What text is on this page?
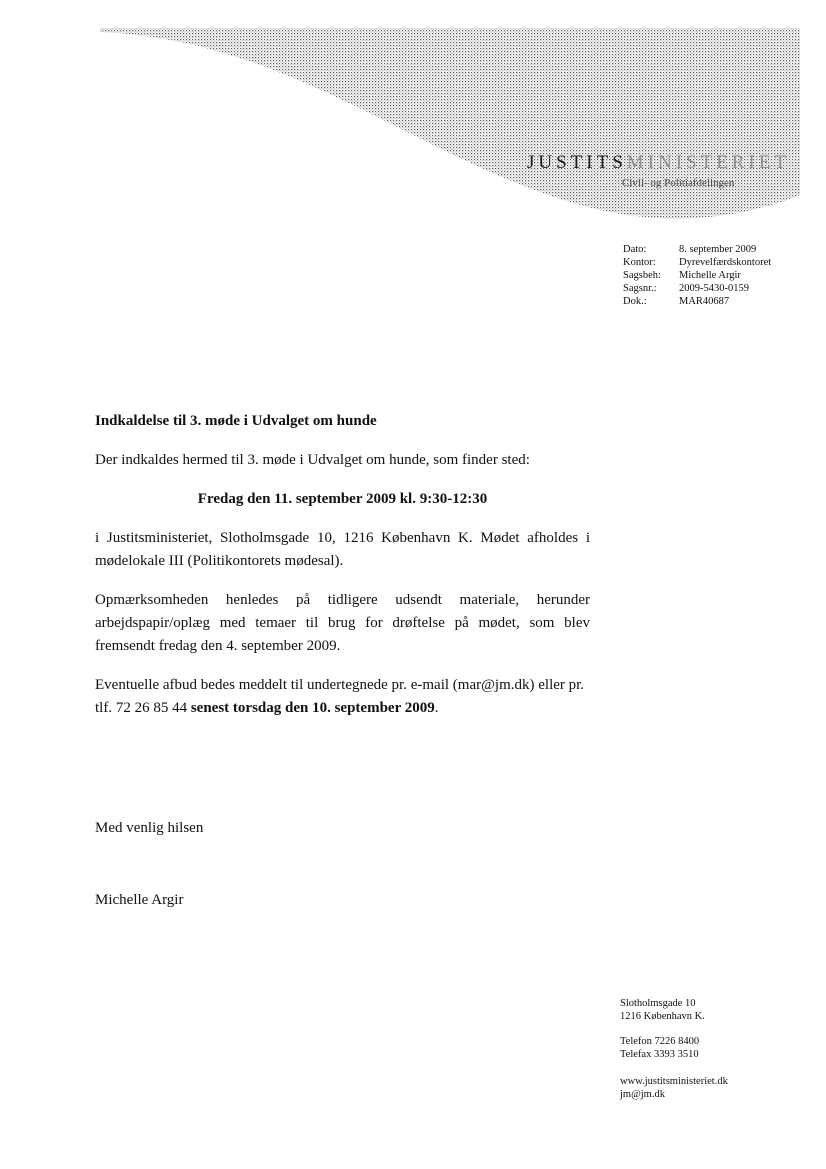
JUSTITSMINISTERIET
Civil- og Politiafdelingen
Dato:	8. september 2009
Kontor:	Dyrevelfærdskontoret
Sagsbeh:	Michelle Argir
Sagsnr.:	2009-5430-0159
Dok.:	MAR40687
Indkaldelse til 3. møde i Udvalget om hunde

Der indkaldes hermed til 3. møde i Udvalget om hunde, som finder sted:

Fredag den 11. september 2009 kl. 9:30-12:30

i Justitsministeriet, Slotholmsgade 10, 1216 København K. Mødet afholdes i mødelokale III (Politikontorets mødesal).

Opmærksomheden henledes på tidligere udsendt materiale, herunder arbejdspapir/oplæg med temaer til brug for drøftelse på mødet, som blev fremsendt fredag den 4. september 2009.

Eventuelle afbud bedes meddelt til undertegnede pr. e-mail (mar@jm.dk) eller pr. tlf. 72 26 85 44 senest torsdag den 10. september 2009.

Med venlig hilsen
Michelle Argir
Slotholmsgade 10
1216 København K.
Telefon 7226 8400
Telefax 3393 3510
www.justitsministeriet.dk
jm@jm.dk
